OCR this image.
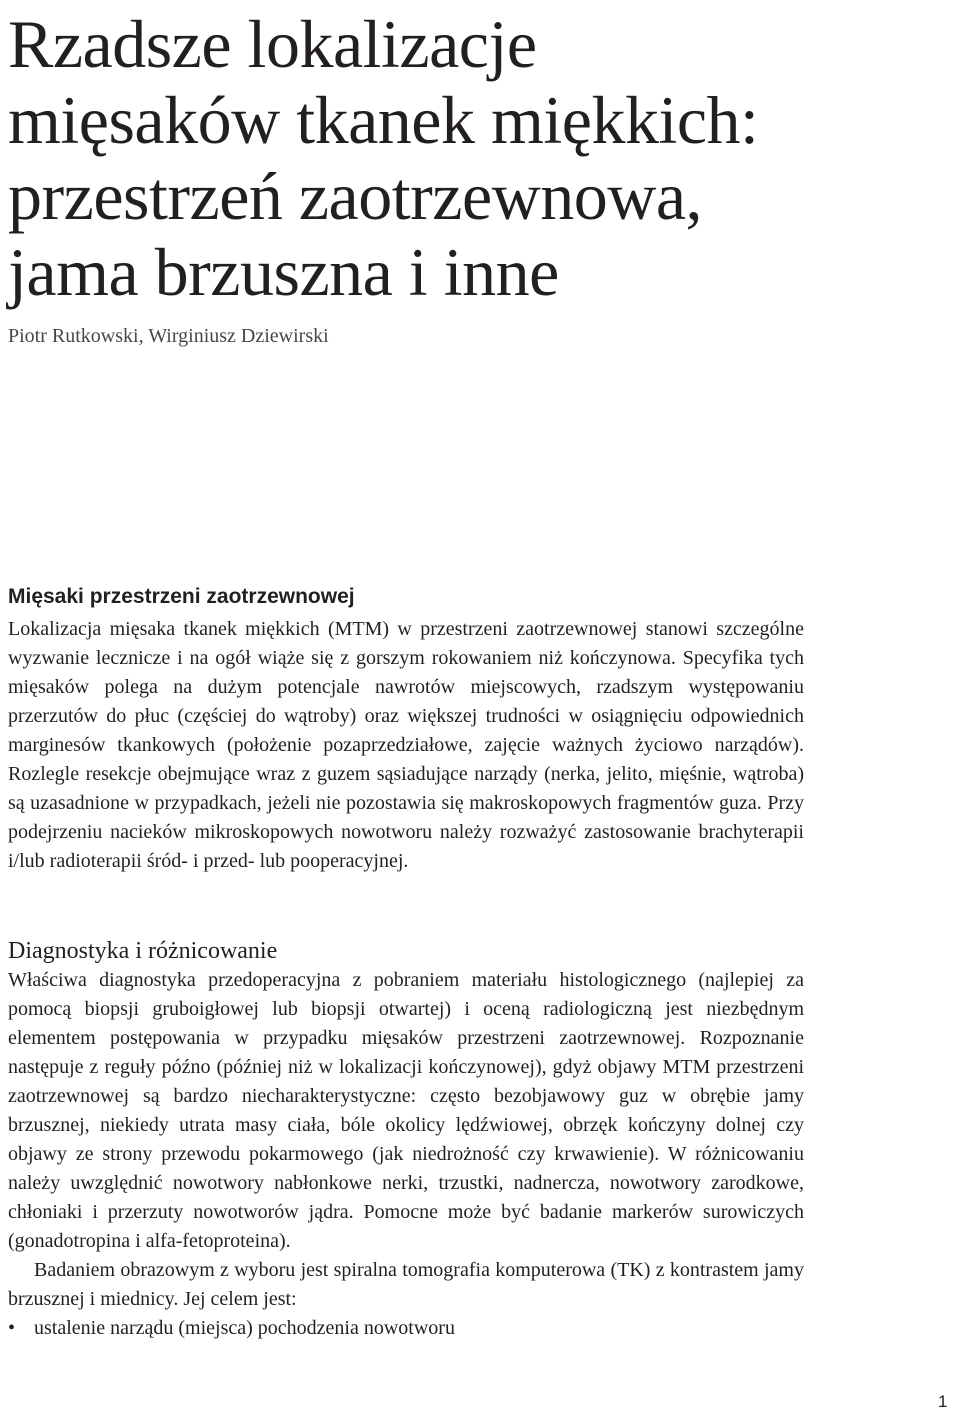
Rzadsze lokalizacje
mięsaków tkanek miękkich:
przestrzeń zaotrzewnowa,
jama brzuszna i inne

Piotr Rutkowski, Wirginiusz Dziewirski

Mięsaki przestrzeni zaotrzewnowej

Lokalizacja mięsaka tkanek miękkich (MTM) w przestrzeni zaotrzewnowej stanowi szczególne wyzwanie lecznicze i na ogół wiąże się z gorszym rokowaniem niż kończynowa. Specyfika tych mięsaków polega na dużym potencjale nawrotów miejscowych, rzadszym występowaniu przerzutów do płuc (częściej do wątroby) oraz większej trudności w osiągnięciu odpowiednich marginesów tkankowych (położenie pozaprzedziałowe, zajęcie ważnych życiowo narządów). Rozlegle resekcje obejmujące wraz z guzem sąsiadujące narządy (nerka, jelito, mięśnie, wątroba) są uzasadnione w przypadkach, jeżeli nie pozostawia się makroskopowych fragmentów guza. Przy podejrzeniu nacieków mikroskopowych nowotworu należy rozważyć zastosowanie brachyterapii i/lub radioterapii śród- i przed- lub pooperacyjnej.

Diagnostyka i różnicowanie

Właściwa diagnostyka przedoperacyjna z pobraniem materiału histologicznego (najlepiej za pomocą biopsji gruboigłowej lub biopsji otwartej) i oceną radiologiczną jest niezbędnym elementem postępowania w przypadku mięsaków przestrzeni zaotrzewnowej. Rozpoznanie następuje z reguły późno (później niż w lokalizacji kończynowej), gdyż objawy MTM przestrzeni zaotrzewnowej są bardzo niecharakterystyczne: często bezobjawowy guz w obrębie jamy brzusznej, niekiedy utrata masy ciała, bóle okolicy lędźwiowej, obrzęk kończyny dolnej czy objawy ze strony przewodu pokarmowego (jak niedrożność czy krwawienie). W różnicowaniu należy uwzględnić nowotwory nabłonkowe nerki, trzustki, nadnercza, nowotwory zarodkowe, chłoniaki i przerzuty nowotworów jądra. Pomocne może być badanie markerów surowiczych (gonadotropina i alfa-fetoproteina).

Badaniem obrazowym z wyboru jest spiralna tomografia komputerowa (TK) z kontrastem jamy brzusznej i miednicy. Jej celem jest:

• ustalenie narządu (miejsca) pochodzenia nowotworu
1
